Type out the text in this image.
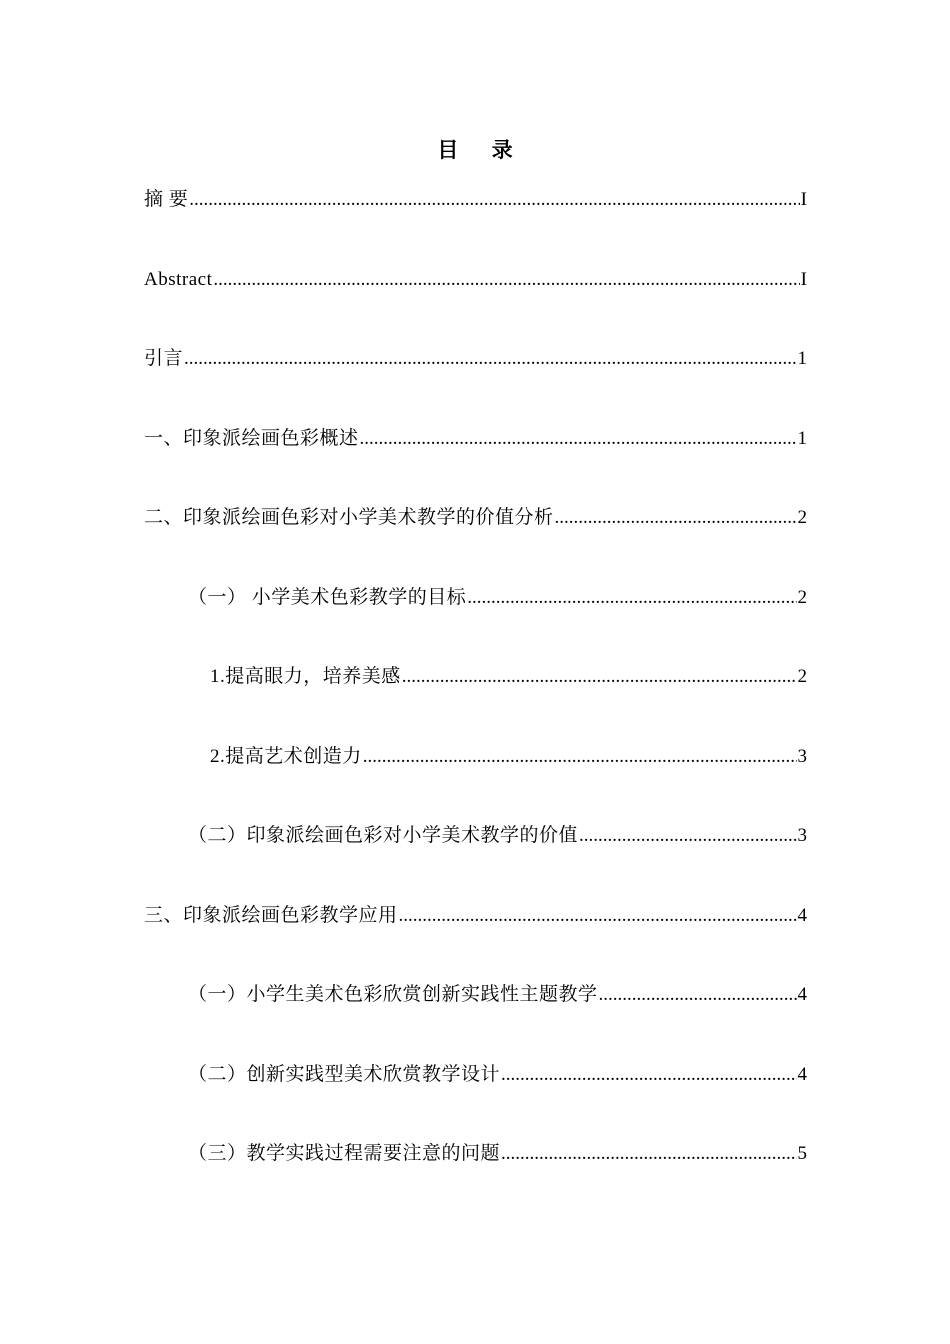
目 录
摘 要 .....	I
Abstract .....	I
引言 .....	1
一、印象派绘画色彩概述 .....	1
二、印象派绘画色彩对小学美术教学的价值分析 .....	2
（一） 小学美术色彩教学的目标 .....	2
1.提高眼力，培养美感 .....	2
2.提高艺术创造力 .....	3
（二）印象派绘画色彩对小学美术教学的价值 .....	3
三、印象派绘画色彩教学应用 .....	4
（一）小学生美术色彩欣赏创新实践性主题教学 .....	4
（二）创新实践型美术欣赏教学设计 .....	4
（三）教学实践过程需要注意的问题 .....	5
